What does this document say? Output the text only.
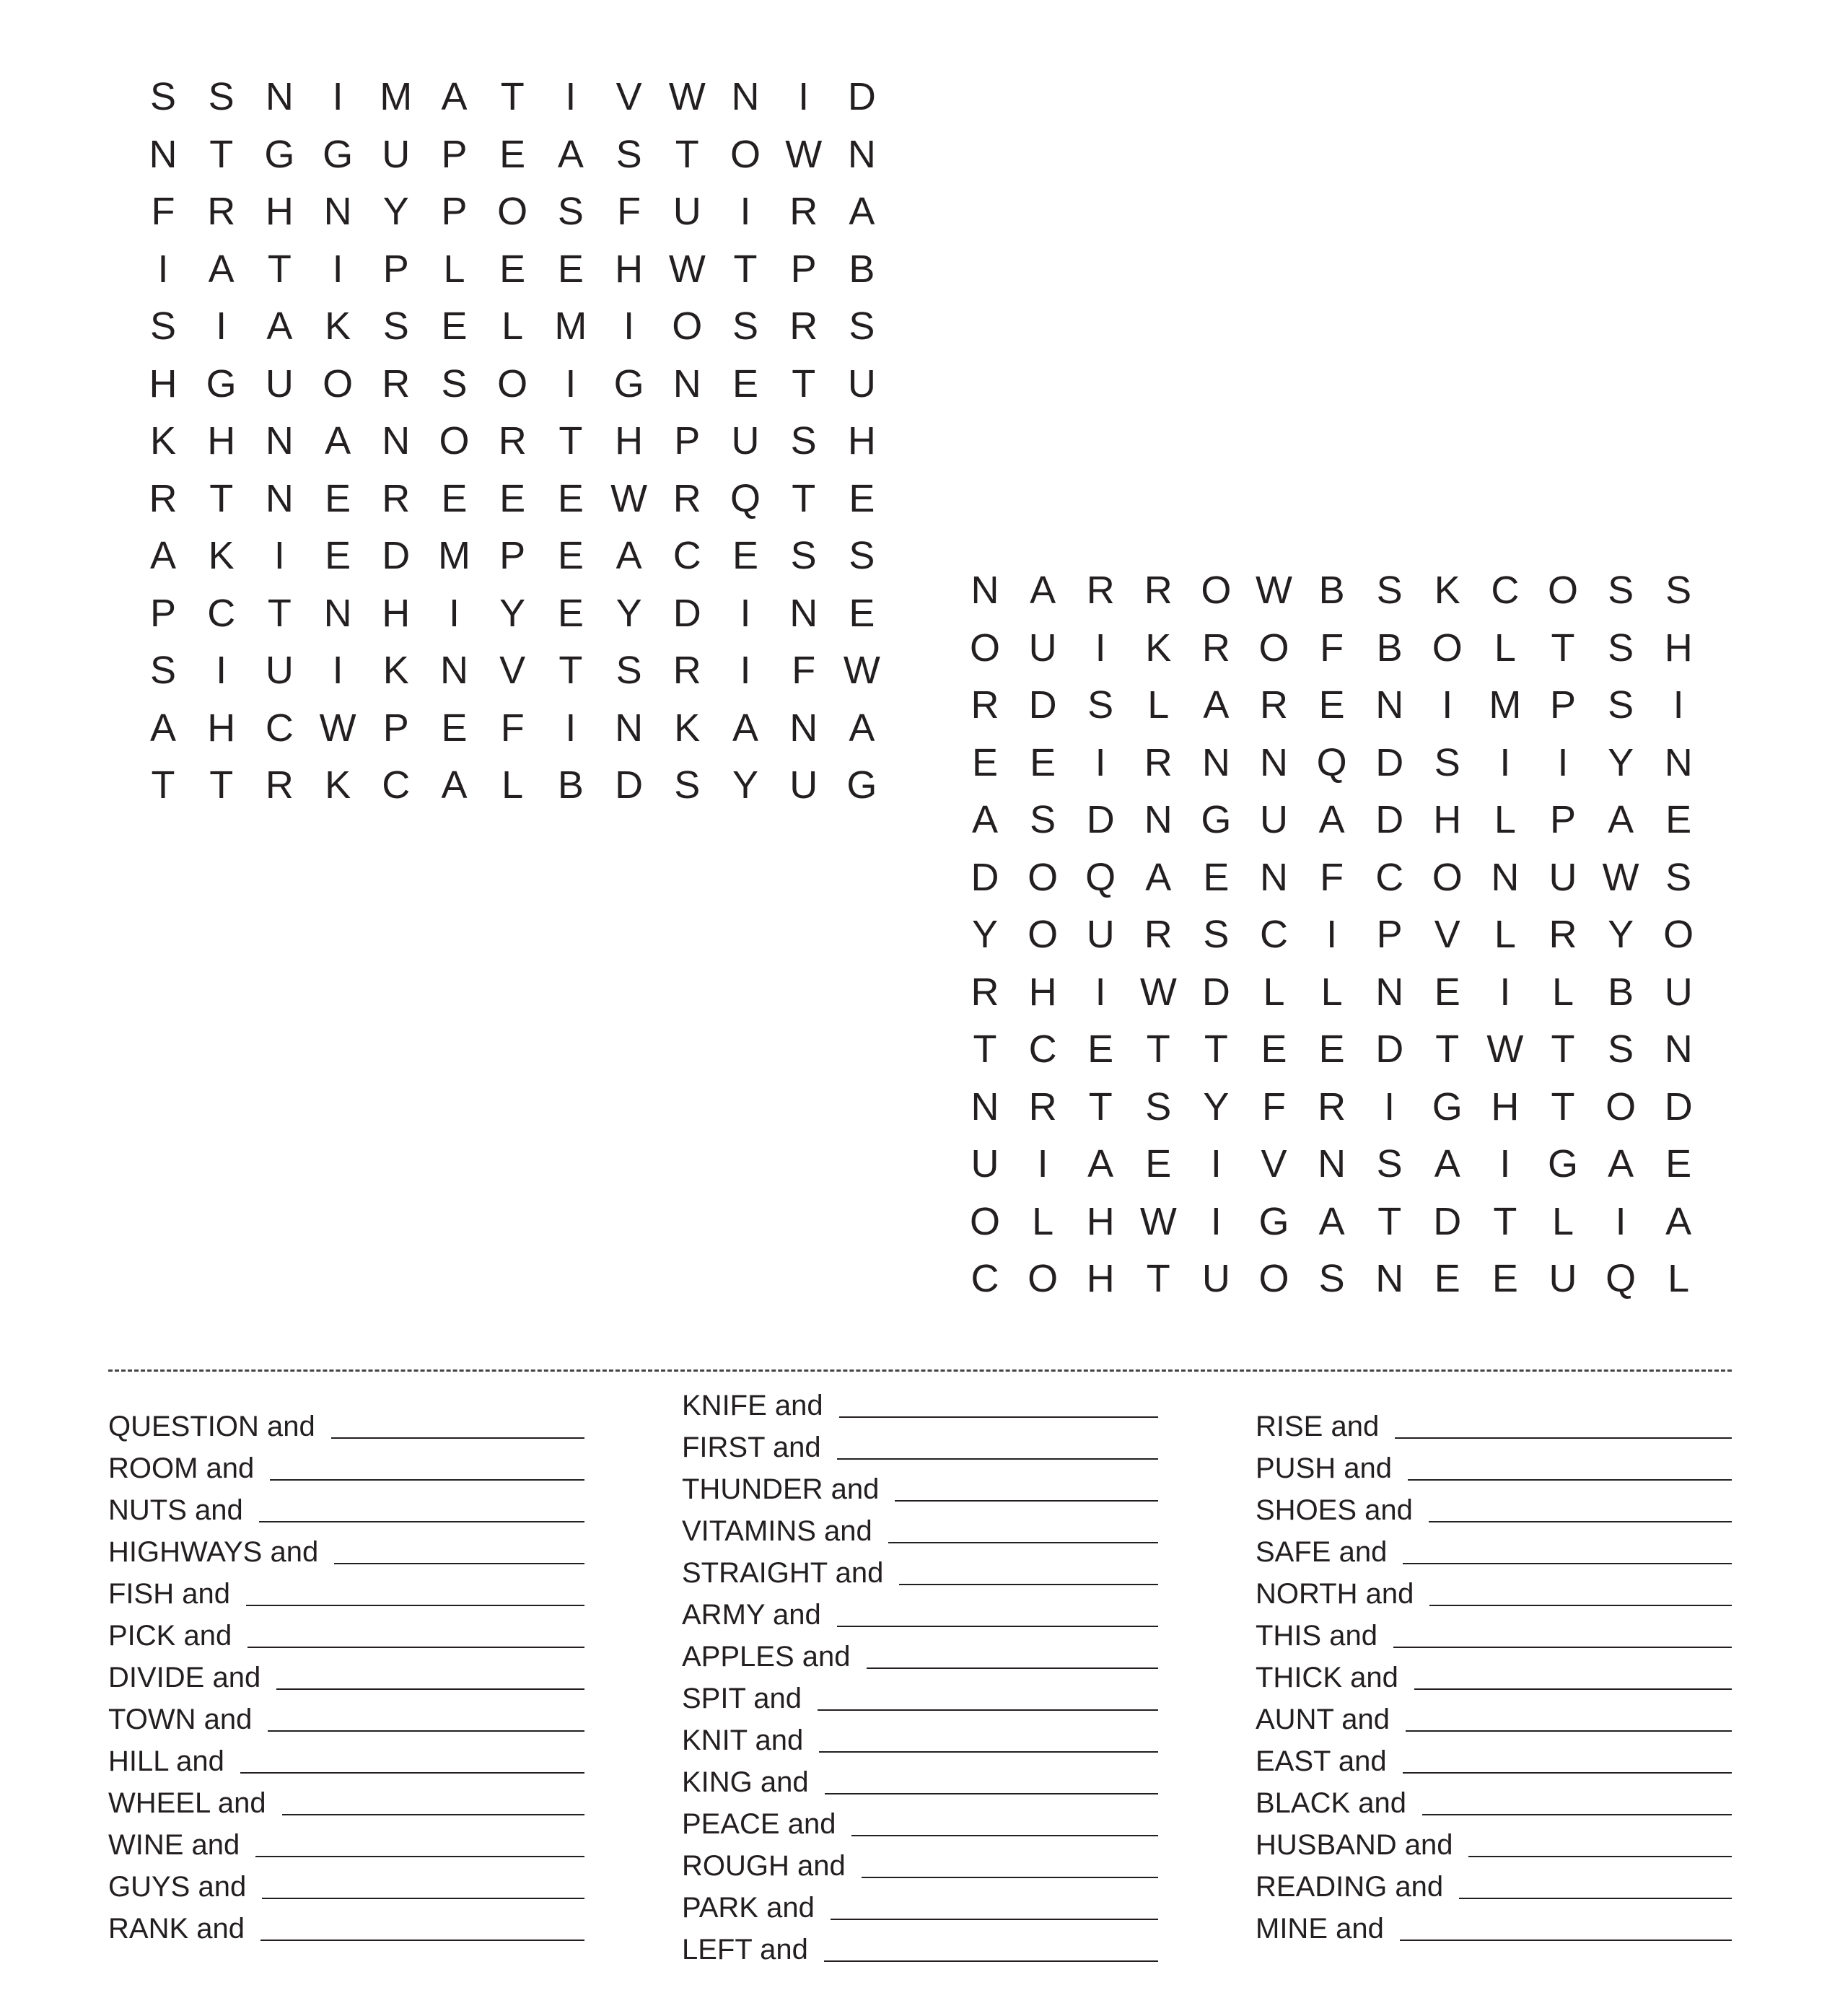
S S N I M A T	I	V W N I D
N T G G U P E A S T O W N
F R H N Y P O S F U I R A
I	A T	I	P L E E H W T P B
S	I	A K S E L M I O S R S
H G U O R S O I G N E T U
K H N A N O R T H P U S H
R T N E R E E E W R Q T E
A K	I	E D M P E A C E S S
P C T N H I	Y E Y D I N E
S	I U I	K N V T S R I	F W
A H C W P E F	I N K A N A
T T R K C A L B D S Y U G
N A R R O W B S K C O S S
O U I	K R O F B O L T S H
R D S L A R E N I M P S	I
E E	I R N N Q D S	I	I	Y N
A S D N G U A D H L P A E
D O Q A E N F C O N U W S
Y O U R S C I	P V L R Y O
R H I W D L L N E	I	L B U
T C E T T E E D T W T S N
N R T S Y F R I G H T O D
U I	A E	I	V N S A	I G A E
O L H W I G A T D T L	I	A
C O H T U O S N E E U Q L
QUESTION and
ROOM and
NUTS and
HIGHWAYS and
FISH and
PICK and
DIVIDE and
TOWN and
HILL and
WHEEL and
WINE and
GUYS and
RANK and
KNIFE and
FIRST and
THUNDER and
VITAMINS and
STRAIGHT and
ARMY and
APPLES and
SPIT and
KNIT and
KING and
PEACE and
ROUGH and
PARK and
LEFT and
RISE and
PUSH and
SHOES and
SAFE and
NORTH and
THIS and
THICK and
AUNT and
EAST and
BLACK and
HUSBAND and
READING and
MINE and
